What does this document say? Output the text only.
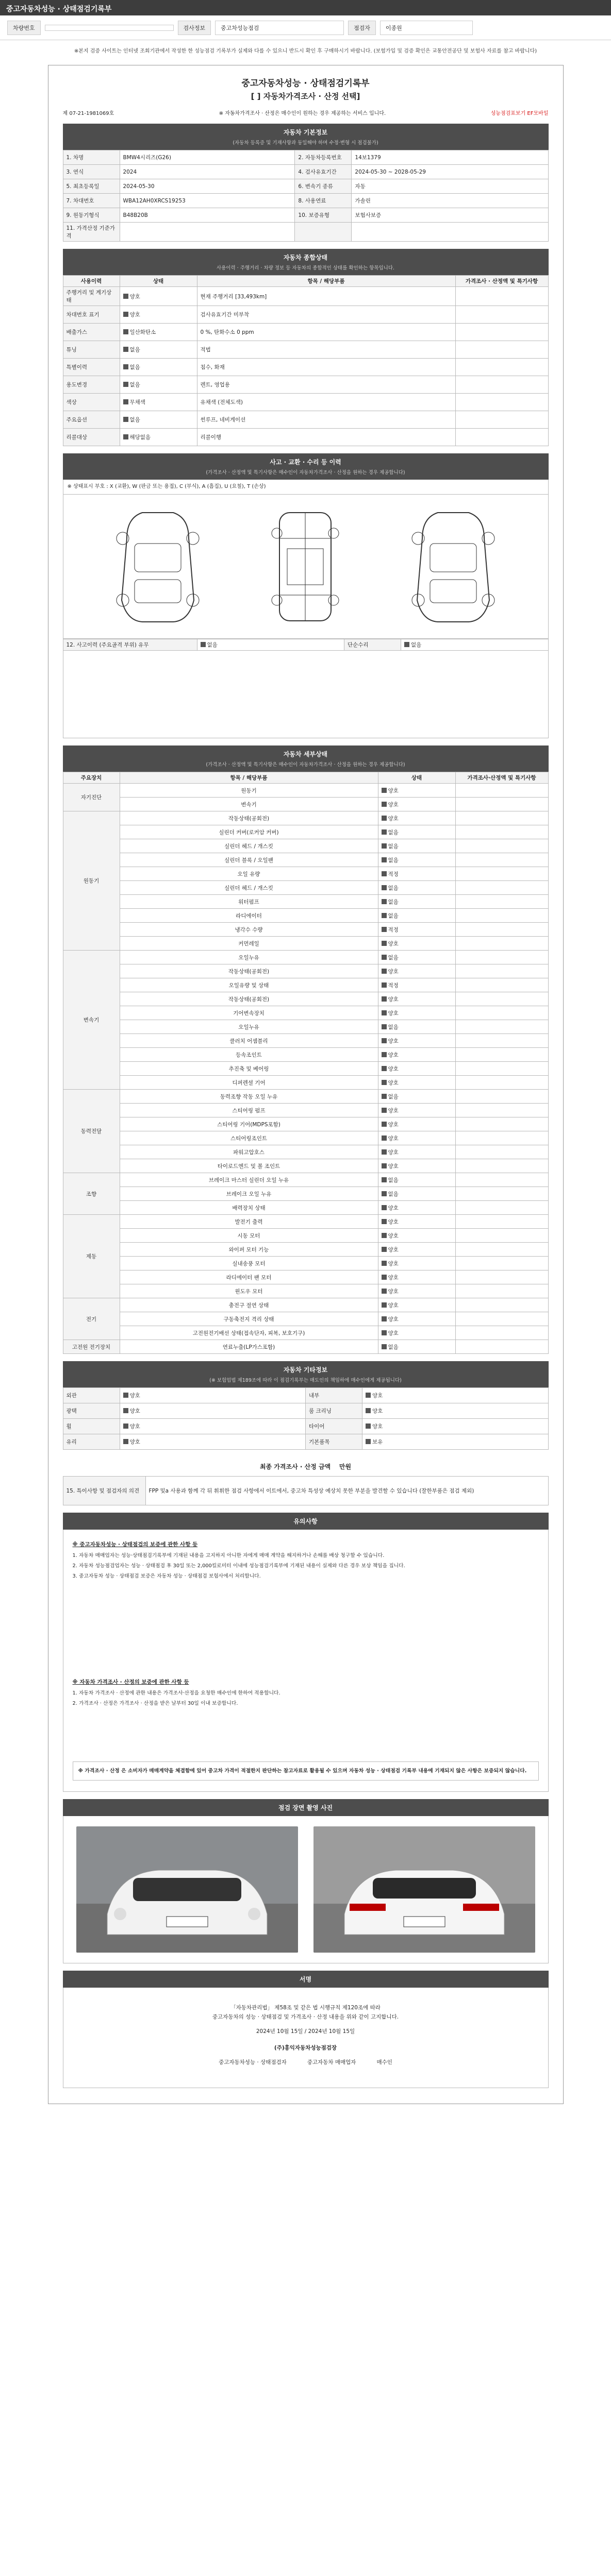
중고자동차성능 · 상태점검기록부
차량번호	검사정보	중고차성능점검	점검자	이종원
※본지 검증 사이트는 인터넷 조회기관에서 작성한 한 성능점검 기록부가 실제와 다를 수 있으니 반드시 확인 후 구매하시기 바랍니다. (보험가입 및 검증 확인은 교통안전공단 및 보험사 자료를 참고 바랍니다)
중고자동차성능 · 상태점검기록부
[ ] 자동차가격조사 · 산정 선택]
제 07-21-1981069호	※ 자동차가격조사 · 산정은 매수인이 원하는 경우 제공하는 서비스 입니다.	성능점검표보기 EF모바일
자동차 기본정보
(자동차 등록증 및 기재사항과 동일해야 하며 수정·변형 시 점검불가)
1. 차명	BMW4시리즈(G26)	2. 자동차등록번호	14보1379
3. 연식	2024	4. 검사유효기간	2024-05-30 ~ 2028-05-29
5. 최초등록일	2024-05-30	6. 변속기 종류	자동
7. 차대번호	WBA12AH0XRCS19253	8. 사용연료	가솔린
9. 원동기형식	B48B20B	10. 보증유형	보험사보증
11. 가격산정 기준가격			
자동차 종합상태
사용이력 · 주행거리 · 차량 정보 등 자동차의 종합적인 상태를 확인하는 항목입니다.
사용이력	상태	항목 / 해당부품	가격조사 · 산정액 및 특기사항
주행거리 및 계기상태	양호	현재 주행거리 [33,493km]	
차대번호 표기	양호	검사유효기간 미부착	
배출가스	일산화탄소	0 %, 탄화수소 0 ppm	
튜닝	없음	적법	
특별이력	없음	침수, 화재	
용도변경	없음	렌트, 영업용	
색상	무채색	유채색 (전체도색)	
주요옵션	없음	썬루프, 네비게이션	
리콜대상	해당없음	리콜이행	
사고 · 교환 · 수리 등 이력
(가격조사 · 산정액 및 특기사항은 매수인이 자동차가격조사 · 산정을 원하는 경우 제공합니다)
※ 상태표시 부호 : X (교환), W (판금 또는 용접), C (부식), A (흠집), U (요철), T (손상)
12. 사고이력 (주요골격 부위) 유무	없음	단순수리	없음
자동차 세부상태
(가격조사 · 산정액 및 특기사항은 매수인이 자동차가격조사 · 산정을 원하는 경우 제공합니다)
주요장치	항목 / 해당부품	상태	가격조사·산정액 및 특기사항
자기진단	원동기	양호	
	변속기	양호	
원동기	작동상태(공회전)	양호	
	실린더 커버(로커암 커버)	없음	
	실린더 헤드 / 개스킷	없음	
	실린더 블록 / 오일팬	없음	
	오일 유량	적정	
	실린더 헤드 / 개스킷	없음	
	워터펌프	없음	
	라디에이터	없음	
	냉각수 수량	적정	
	커먼레일	양호	
변속기	오일누유	없음	
	작동상태(공회전)	양호	
	오일유량 및 상태	적정	
	작동상태(공회전)	양호	
	기어변속장치	양호	
	오일누유	없음	
	클러치 어셈블리	양호	
	등속조인트	양호	
	추진축 및 베어링	양호	
	디퍼렌셜 기어	양호	
동력전달	동력조향 작동 오일 누유	없음	
	스티어링 펌프	양호	
	스티어링 기어(MDPS포함)	양호	
	스티어링조인트	양호	
	파워고압호스	양호	
	타이로드엔드 및 볼 조인트	양호	
조향	브레이크 마스터 실린더 오일 누유	없음	
	브레이크 오일 누유	없음	
	배력장치 상태	양호	
제동	발전기 출력	양호	
	시동 모터	양호	
	와이퍼 모터 기능	양호	
	실내송풍 모터	양호	
	라디에이터 팬 모터	양호	
	윈도우 모터	양호	
전기	충전구 절연 상태	양호	
	구동축전지 격리 상태	양호	
	고전원전기배선 상태(접속단자, 피복, 보호기구)	양호	
고전원 전기장치	연료누출(LP가스포함)	없음	
자동차 기타정보
(※ 보험업법 제189조에 따라 이 점검기록부는 매도인의 책임하에 매수인에게 제공됩니다)
외관	양호	내부	양호
광택	양호	룸 크리닝	양호
휠	양호	타이어	양호
유리	양호	기본품목	보유
최종 가격조사 · 산정 금액 만원
15. 특이사항 및 점검자의 의견	FPP 및a 사용과 함께 각 뒤 휘휘한 점검 사항에서 이트에서, 중고차 특성상 예상치 못한 부분을 발견할 수 있습니다 (잘한부품은 점검 제외)
유의사항
※ 중고자동차성능 · 상태점검의 보증에 관한 사항 등

1. 자동차 매매업자는 성능·상태점검기록부에 기재된 내용을 고지하지 아니한 자에게 매매 계약을 해지하거나 손해를 배상 청구할 수 있습니다.

2. 자동차 성능점검업자는 성능 · 상태점검 후 30일 또는 2,000킬로미터 이내에 성능점검기록부에 기재된 내용이 실제와 다른 경우 보상 책임을 집니다.

3. 중고자동차 성능 · 상태점검 보증은 자동차 성능 · 상태점검 보험사에서 처리합니다.

※ 자동차 가격조사 · 산정의 보증에 관한 사항 등

1. 자동차 가격조사 · 산정에 관한 내용은 가격조사·산정을 요청한 매수인에 한하여 적용합니다.

2. 가격조사 · 산정은 가격조사 · 산정을 받은 날부터 30일 이내 보증합니다.

※ 가격조사 · 산정 은 소비자가 매매계약을 체결함에 있어 중고차 가격이 적절한지 판단하는 참고자료로 활용될 수 있으며 자동차 성능 · 상태점검 기록부 내용에 기재되지 않은 사항은 보증되지 않습니다.

점검 장면 촬영 사진
서명
「자동차관리법」 제58조 및 같은 법 시행규칙 제120조에 따라
중고자동차의 성능 · 상태점검 및 가격조사 · 산정 내용을 위와 같이 고지합니다.
2024년 10월 15일 / 2024년 10월 15일
(주)홍익자동차성능점검장
중고자동차성능 · 상태점검자	중고자동차 매매업자	매수인
